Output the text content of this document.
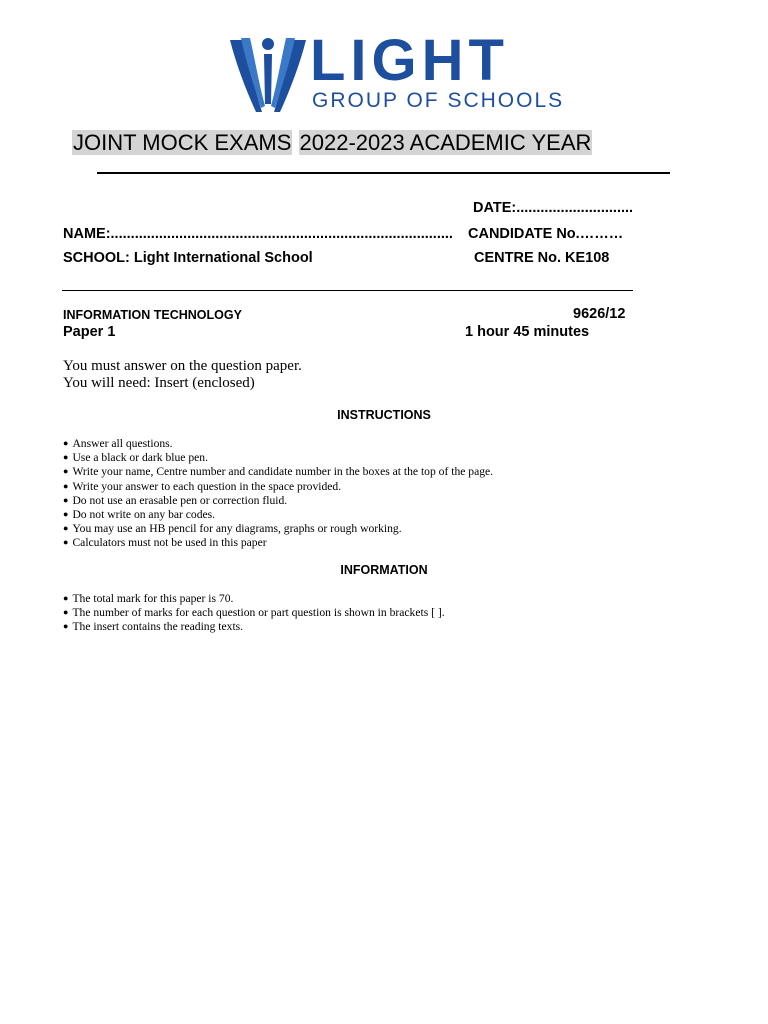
LIGHT
GROUP OF SCHOOLS
JOINT MOCK EXAMS 2022-2023 ACADEMIC YEAR
DATE:.............................
NAME:.....................................................................................	CANDIDATE No.………
SCHOOL: Light International School	CENTRE No. KE108
INFORMATION TECHNOLOGY	9626/12
Paper 1	1 hour 45 minutes
You must answer on the question paper.
You will need: Insert (enclosed)
INSTRUCTIONS
● Answer all questions.
● Use a black or dark blue pen.
● Write your name, Centre number and candidate number in the boxes at the top of the page.
● Write your answer to each question in the space provided.
● Do not use an erasable pen or correction fluid.
● Do not write on any bar codes.
● You may use an HB pencil for any diagrams, graphs or rough working.
● Calculators must not be used in this paper
INFORMATION
● The total mark for this paper is 70.
● The number of marks for each question or part question is shown in brackets [ ].
● The insert contains the reading texts.
